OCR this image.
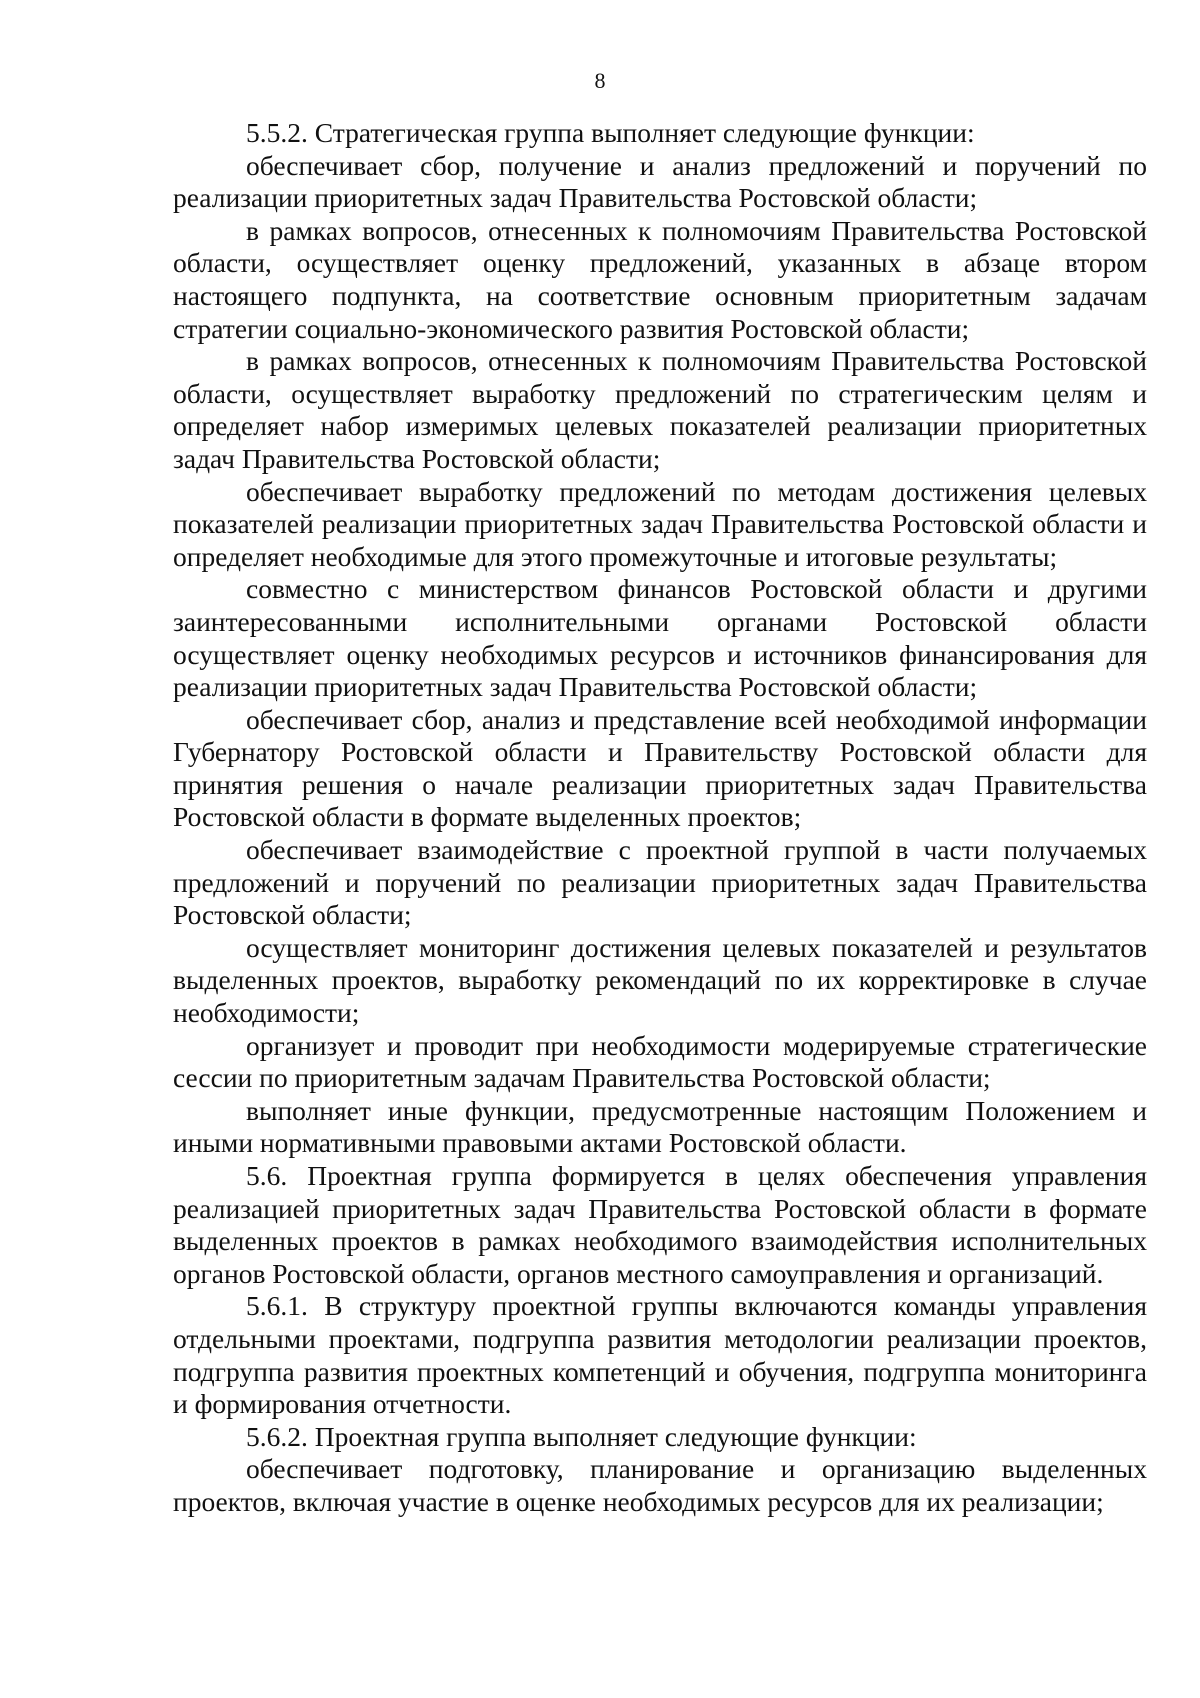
8

5.5.2. Стратегическая группа выполняет следующие функции:

обеспечивает сбор, получение и анализ предложений и поручений по реализации приоритетных задач Правительства Ростовской области;

в рамках вопросов, отнесенных к полномочиям Правительства Ростовской области, осуществляет оценку предложений, указанных в абзаце втором настоящего подпункта, на соответствие основным приоритетным задачам стратегии социально-экономического развития Ростовской области;

в рамках вопросов, отнесенных к полномочиям Правительства Ростовской области, осуществляет выработку предложений по стратегическим целям и определяет набор измеримых целевых показателей реализации приоритетных задач Правительства Ростовской области;

обеспечивает выработку предложений по методам достижения целевых показателей реализации приоритетных задач Правительства Ростовской области и определяет необходимые для этого промежуточные и итоговые результаты;

совместно с министерством финансов Ростовской области и другими заинтересованными исполнительными органами Ростовской области осуществляет оценку необходимых ресурсов и источников финансирования для реализации приоритетных задач Правительства Ростовской области;

обеспечивает сбор, анализ и представление всей необходимой информации Губернатору Ростовской области и Правительству Ростовской области для принятия решения о начале реализации приоритетных задач Правительства Ростовской области в формате выделенных проектов;

обеспечивает взаимодействие с проектной группой в части получаемых предложений и поручений по реализации приоритетных задач Правительства Ростовской области;

осуществляет мониторинг достижения целевых показателей и результатов выделенных проектов, выработку рекомендаций по их корректировке в случае необходимости;

организует и проводит при необходимости модерируемые стратегические сессии по приоритетным задачам Правительства Ростовской области;

выполняет иные функции, предусмотренные настоящим Положением и иными нормативными правовыми актами Ростовской области.

5.6. Проектная группа формируется в целях обеспечения управления реализацией приоритетных задач Правительства Ростовской области в формате выделенных проектов в рамках необходимого взаимодействия исполнительных органов Ростовской области, органов местного самоуправления и организаций.

5.6.1. В структуру проектной группы включаются команды управления отдельными проектами, подгруппа развития методологии реализации проектов, подгруппа развития проектных компетенций и обучения, подгруппа мониторинга и формирования отчетности.

5.6.2. Проектная группа выполняет следующие функции:

обеспечивает подготовку, планирование и организацию выделенных проектов, включая участие в оценке необходимых ресурсов для их реализации;
